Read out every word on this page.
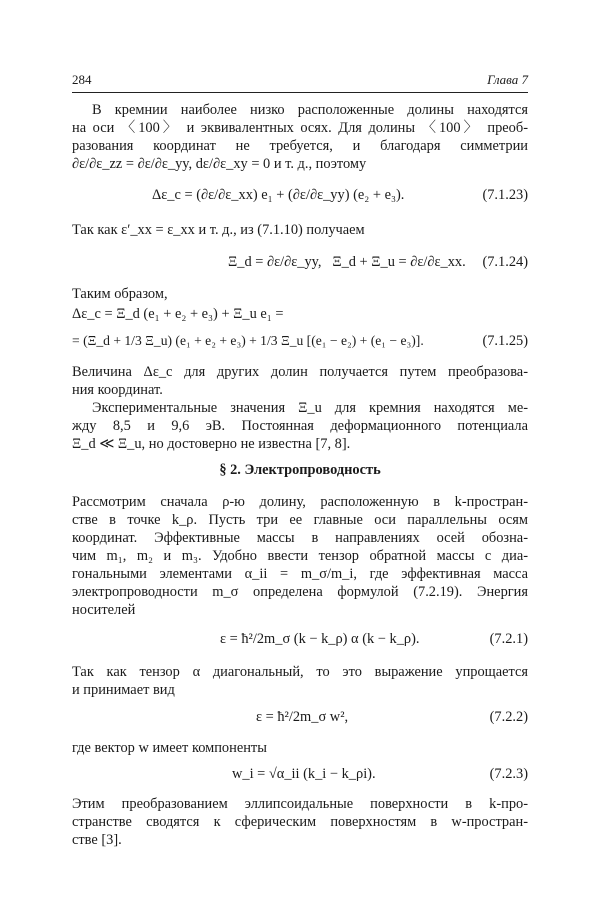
284	Глава 7
В кремнии наиболее низко расположенные долины находятся
на оси 〈100〉 и эквивалентных осях. Для долины 〈100〉 преоб-
разования координат не требуется, и благодаря симметрии
∂ε/∂ε_zz = ∂ε/∂ε_yy, dε/∂ε_xy = 0 и т. д., поэтому
Δε_c =
(∂ε/∂ε_xx) e₁ +
(∂ε/∂ε_yy) (e₂ + e₃).	(7.1.23)
Так как ε′_xx = ε_xx и т. д., из (7.1.10) получаем
Ξ_d = ∂ε/∂ε_yy,
Ξ_d + Ξ_u = ∂ε/∂ε_xx. (7.1.24)
Таким образом,
Δε_c = Ξ_d (e₁ + e₂ + e₃) + Ξ_u e₁ =
= (Ξ_d + 1/3 Ξ_u) (e₁ + e₂ + e₃) + 1/3 Ξ_u [(e₁ − e₂) + (e₁ − e₃)].	(7.1.25)
Величина Δε_c для других долин получается путем преобразова-
ния координат.
Экспериментальные значения Ξ_u для кремния находятся ме-
жду 8,5 и 9,6 эВ. Постоянная деформационного потенциала
Ξ_d ≪ Ξ_u, но достоверно не известна [7, 8].
§ 2. Электропроводность
Рассмотрим сначала ρ-ю долину, расположенную в k-простран-
стве в точке k_ρ. Пусть три ее главные оси параллельны осям
координат. Эффективные массы в направлениях осей обозна-
чим m₁, m₂ и m₃. Удобно ввести тензор обратной массы с диа-
гональными элементами α_ii = m_σ/m_i, где эффективная масса
электропроводности m_σ определена формулой (7.2.19). Энергия
носителей
ε = ħ²/2m_σ (k − k_ρ) α (k − k_ρ).	(7.2.1)
Так как тензор α диагональный, то это выражение упрощается
и принимает вид
ε = ħ²/2m_σ w²,	(7.2.2)
где вектор w имеет компоненты
w_i = √α_ii (k_i − k_ρi).	(7.2.3)
Этим преобразованием эллипсоидальные поверхности в k-про-
странстве сводятся к сферическим поверхностям в w-простран-
стве [3].
